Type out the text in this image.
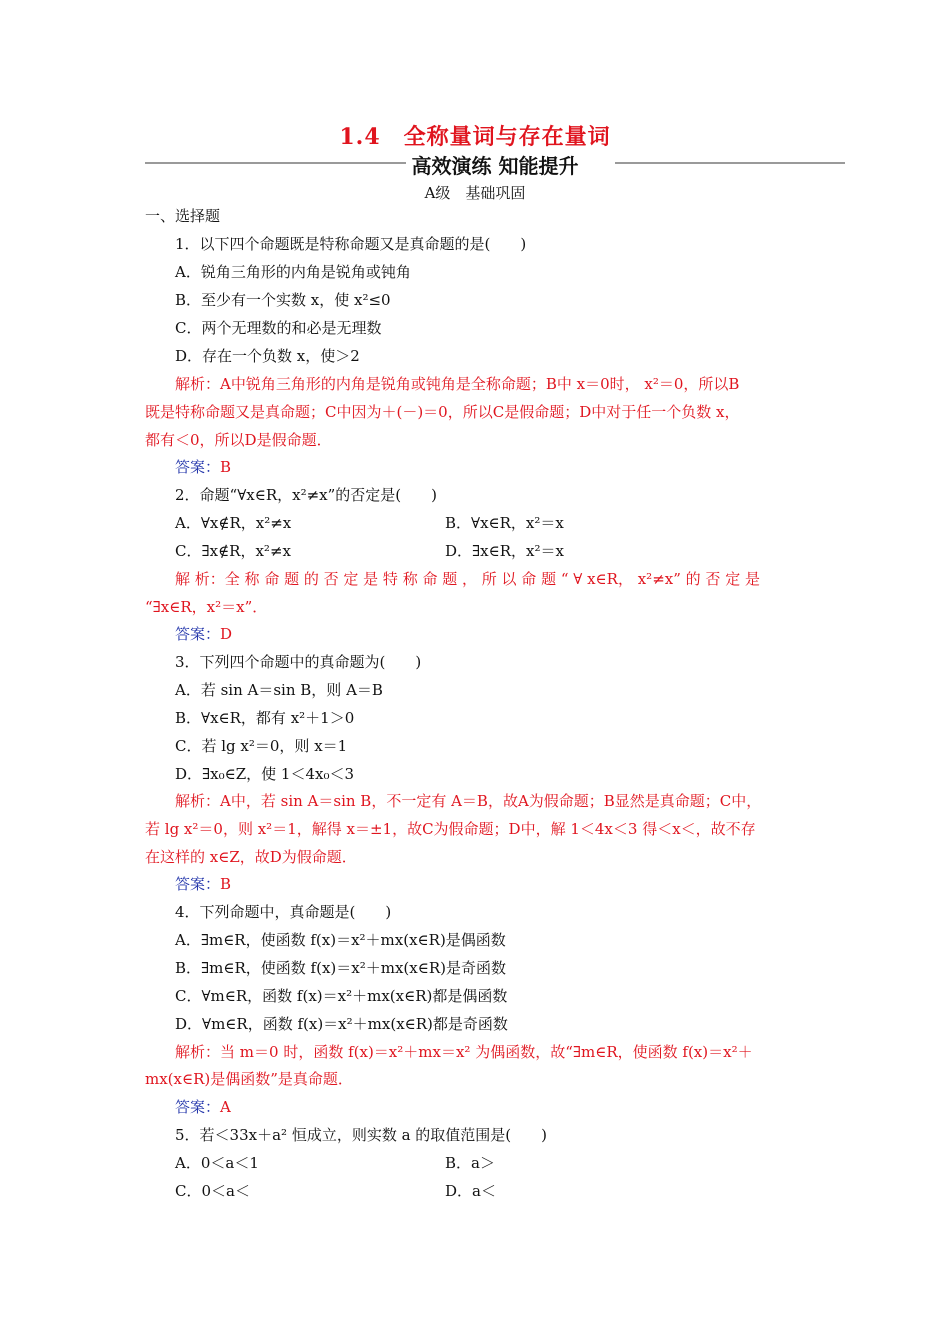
1.4　全称量词与存在量词
高效演练 知能提升
A级　基础巩固
一、选择题
1．以下四个命题既是特称命题又是真命题的是(　　)
A．锐角三角形的内角是锐角或钝角
B．至少有一个实数 x，使 x²≤0
C．两个无理数的和必是无理数
D．存在一个负数 x，使＞2
解析：A中锐角三角形的内角是锐角或钝角是全称命题；B中 x＝0时， x²＝0，所以B
既是特称命题又是真命题；C中因为＋(－)＝0，所以C是假命题；D中对于任一个负数 x，
都有＜0，所以D是假命题．
答案：B
2．命题“∀x∈R，x²≠x”的否定是(　　)
A．∀x∉R，x²≠x	B．∀x∈R，x²＝x
C．∃x∉R，x²≠x	D．∃x∈R，x²＝x
解 析：全 称 命 题 的 否 定 是 特 称 命 题 ， 所 以 命 题 “ ∀ x∈R， x²≠x” 的 否 定 是
“∃x∈R，x²＝x”．
答案：D
3．下列四个命题中的真命题为(　　)
A．若 sin A＝sin B，则 A＝B
B．∀x∈R，都有 x²＋1＞0
C．若 lg x²＝0，则 x＝1
D．∃x₀∈Z，使 1＜4x₀＜3
解析：A中，若 sin A＝sin B，不一定有 A＝B，故A为假命题；B显然是真命题；C中，
若 lg x²＝0，则 x²＝1，解得 x＝±1，故C为假命题；D中，解 1＜4x＜3 得＜x＜，故不存
在这样的 x∈Z，故D为假命题．
答案：B
4．下列命题中，真命题是(　　)
A．∃m∈R，使函数 f(x)＝x²＋mx(x∈R)是偶函数
B．∃m∈R，使函数 f(x)＝x²＋mx(x∈R)是奇函数
C．∀m∈R，函数 f(x)＝x²＋mx(x∈R)都是偶函数
D．∀m∈R，函数 f(x)＝x²＋mx(x∈R)都是奇函数
解析：当 m＝0 时，函数 f(x)＝x²＋mx＝x² 为偶函数，故“∃m∈R，使函数 f(x)＝x²＋
mx(x∈R)是偶函数”是真命题．
答案：A
5．若＜33x＋a² 恒成立，则实数 a 的取值范围是(　　)
A．0＜a＜1	B．a＞
C．0＜a＜	D．a＜
